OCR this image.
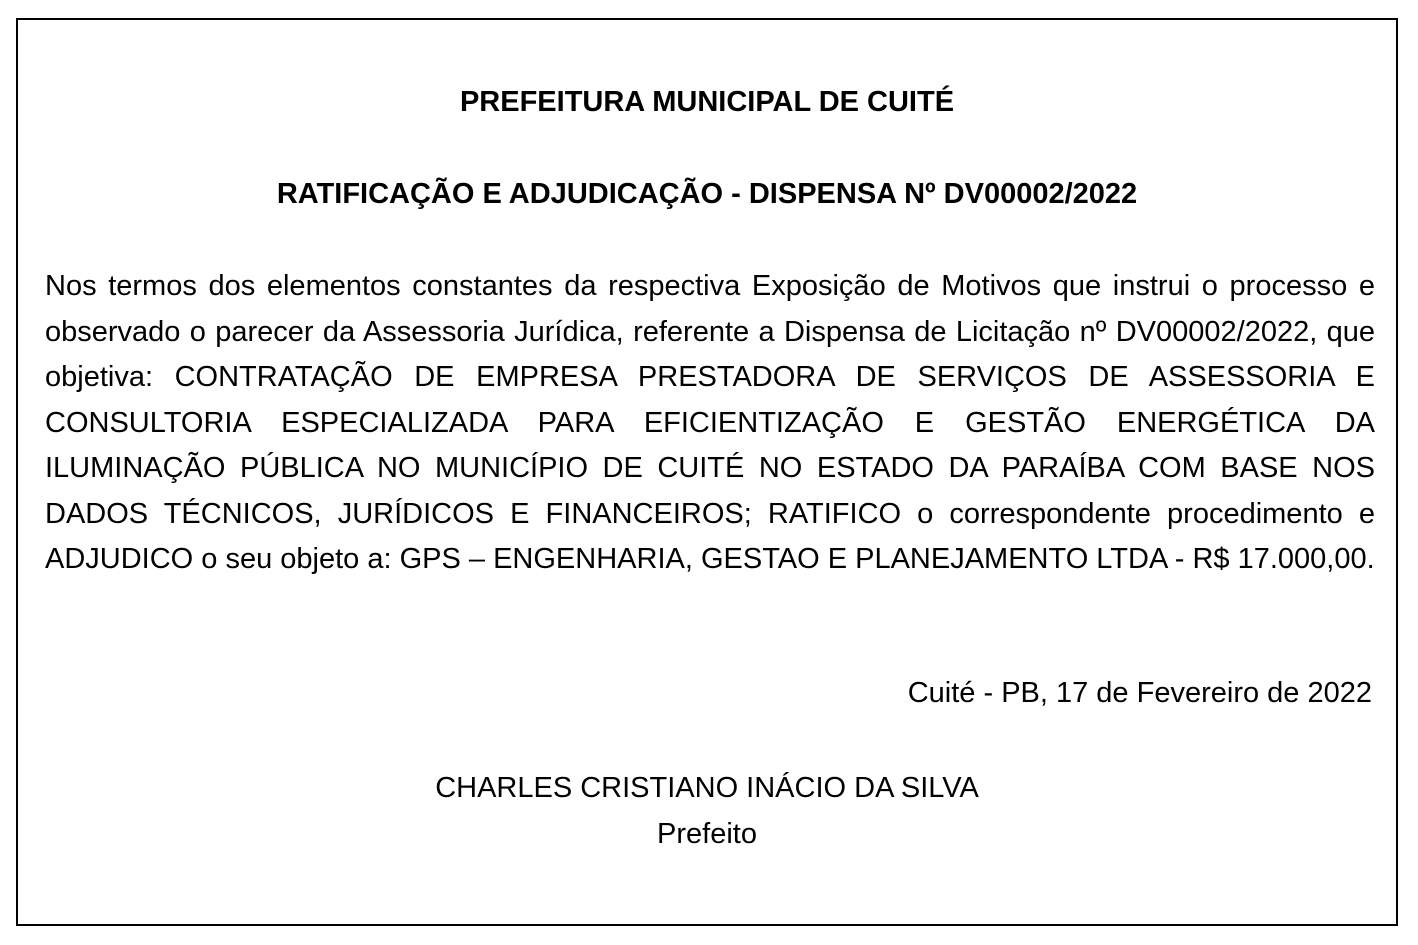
PREFEITURA MUNICIPAL DE CUITÉ
RATIFICAÇÃO E ADJUDICAÇÃO - DISPENSA Nº DV00002/2022

Nos termos dos elementos constantes da respectiva Exposição de Motivos que instrui o processo e observado o parecer da Assessoria Jurídica, referente a Dispensa de Licitação nº DV00002/2022, que objetiva: CONTRATAÇÃO DE EMPRESA PRESTADORA DE SERVIÇOS DE ASSESSORIA E CONSULTORIA ESPECIALIZADA PARA EFICIENTIZAÇÃO E GESTÃO ENERGÉTICA DA ILUMINAÇÃO PÚBLICA NO MUNICÍPIO DE CUITÉ NO ESTADO DA PARAÍBA COM BASE NOS DADOS TÉCNICOS, JURÍDICOS E FINANCEIROS; RATIFICO o correspondente procedimento e ADJUDICO o seu objeto a: GPS – ENGENHARIA, GESTAO E PLANEJAMENTO LTDA - R$ 17.000,00.

Cuité - PB, 17 de Fevereiro de 2022
CHARLES CRISTIANO INÁCIO DA SILVA
Prefeito
